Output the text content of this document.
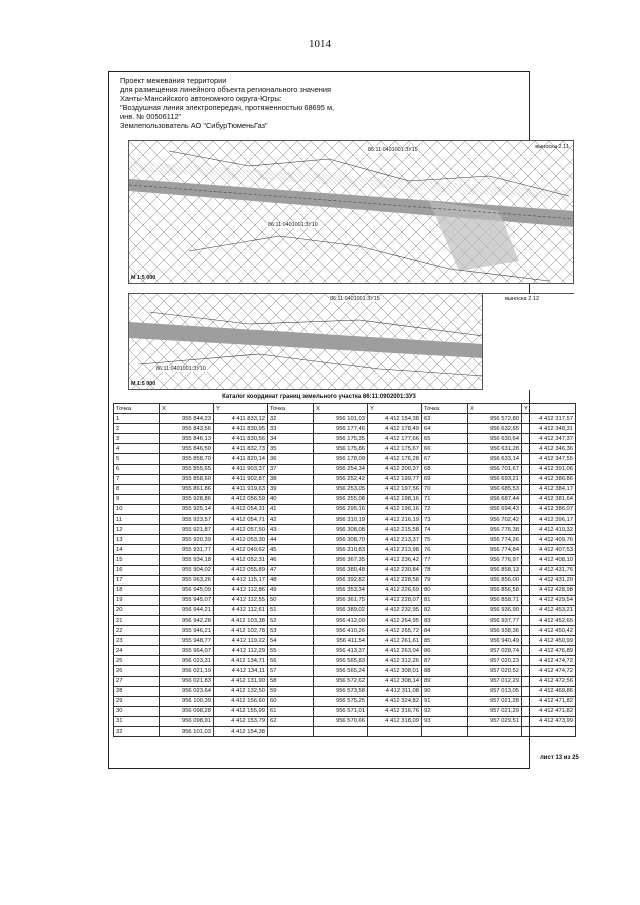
1014
Проект межевания территории
для размещения линейного объекта регионального значения
Ханты-Мансийского автономного округа-Югры:
"Воздушная линия электропередач, протяженностью 68695 м,
инв. № 00506112"
Землепользователь АО "СибурТюменьГаз"
86:11:0401001:ЗУ15
86:11:0401001:ЗУ10
выноска 2.11
М 1:5 000
86:11:0401001:ЗУ15
86:11:0401001:ЗУ10
М 1:5 000
выноска 2.12
Каталог координат границ земельного участка 86:11:0902001:ЗУ3
Точка	X	Y	Точка	X	Y	Точка	X	Y
1	955 844,23	4 411 833,12	32	956 101,03	4 412 154,38	63	956 572,80	4 412 317,57
2	955 843,56	4 411 830,95	33	956 177,46	4 412 178,49	64	956 632,65	4 412 348,31
3	955 846,13	4 411 830,56	34	956 175,35	4 412 177,66	65	956 630,64	4 412 347,37
4	955 846,50	4 411 832,73	35	956 175,86	4 412 175,67	66	956 631,28	4 412 346,36
5	955 858,70	4 411 820,14	36	956 178,09	4 412 176,28	67	956 633,14	4 412 347,55
6	955 855,65	4 411 903,37	37	956 254,34	4 412 200,37	68	956 701,67	4 412 391,06
7	955 858,60	4 411 902,87	38	956 252,42	4 412 199,77	69	956 693,21	4 412 386,86
8	955 861,86	4 411 919,63	39	956 253,05	4 412 197,56	70	956 685,53	4 412 384,17
9	955 928,86	4 412 056,59	40	956 255,08	4 412 198,16	71	956 687,44	4 412 381,64
10	955 925,14	4 412 054,31	41	956 295,16	4 412 196,16	72	956 694,43	4 412 386,07
11	955 923,57	4 412 054,71	42	956 310,19	4 412 216,19	73	956 702,42	4 412 396,17
12	955 921,87	4 412 057,50	43	956 308,08	4 412 215,58	74	956 776,38	4 412 410,32
13	955 920,39	4 412 053,30	44	956 308,70	4 412 213,37	75	956 774,26	4 412 409,76
14	955 931,77	4 412 049,62	45	956 310,83	4 412 213,98	76	956 774,84	4 412 407,53
15	955 934,18	4 412 052,31	46	956 367,35	4 412 236,42	77	956 776,97	4 412 408,10
16	955 904,02	4 412 055,89	47	956 380,48	4 412 230,84	78	956 858,13	4 412 431,76
17	955 963,26	4 412 115,17	48	956 392,82	4 412 228,58	79	956 856,00	4 412 431,20
18	956 945,09	4 412 112,86	49	956 353,34	4 412 226,69	80	956 856,58	4 412 428,98
19	955 945,07	4 412 112,55	50	956 361,75	4 412 228,07	81	956 858,71	4 412 429,54
20	956 944,21	4 412 112,61	51	956 389,02	4 412 232,95	82	956 936,90	4 412 453,21
21	956 942,28	4 412 103,38	52	956 412,09	4 412 264,95	83	956 937,77	4 412 452,65
22	955 946,21	4 412 102,78	53	956 410,26	4 412 265,72	84	956 938,36	4 412 450,42
23	955 948,77	4 412 119,22	54	956 411,54	4 412 261,61	85	956 940,49	4 412 450,99
24	955 964,07	4 412 112,29	55	956 413,37	4 412 263,04	86	957 028,74	4 412 476,89
25	956 023,31	4 412 134,71	56	956 565,83	4 412 312,26	87	957 020,23	4 412 474,72
26	956 021,19	4 412 134,11	57	956 565,24	4 412 308,01	88	957 020,52	4 412 474,72
27	956 021,83	4 412 131,90	58	956 572,62	4 412 308,14	89	957 012,29	4 412 472,56
28	956 023,64	4 412 132,50	59	956 573,58	4 412 311,08	90	957 013,05	4 412 469,86
29	956 100,39	4 412 156,60	60	956 575,25	4 412 324,82	91	957 021,28	4 412 471,82
30	956 098,28	4 412 155,99	61	956 571,01	4 412 316,76	92	957 021,29	4 412 471,82
31	956 098,91	4 412 153,79	62	956 570,66	4 412 318,09	93	957 029,51	4 412 473,99
32	956 101,03	4 412 154,38						
лист 13 из 25
